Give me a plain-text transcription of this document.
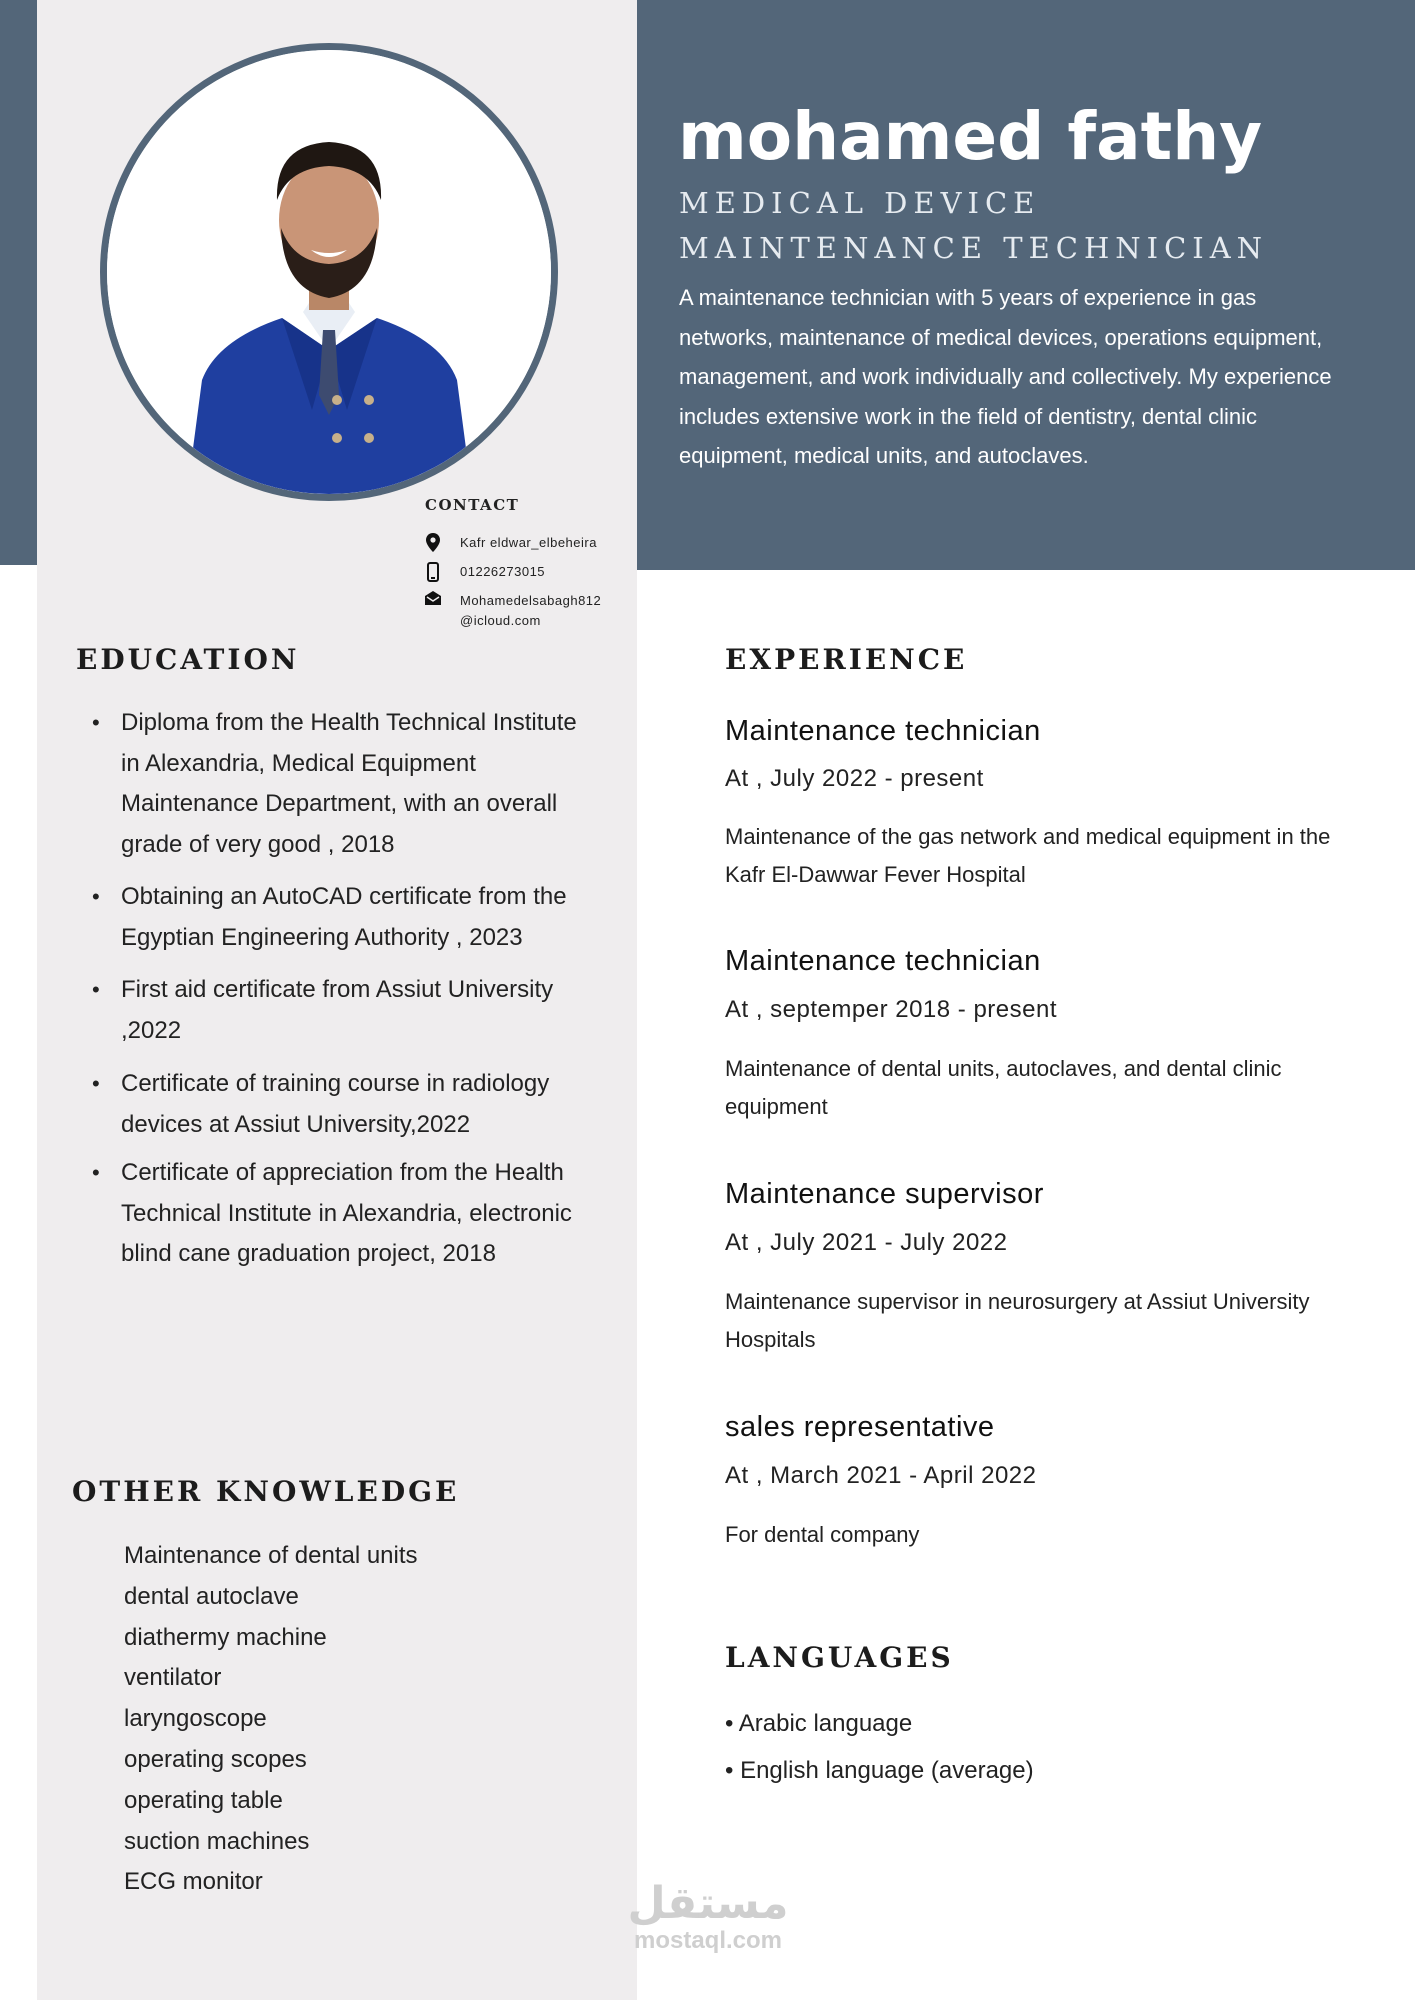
mohamed fathy
MEDICAL DEVICE
MAINTENANCE TECHNICIAN
A maintenance technician with 5 years of experience in gas networks, maintenance of medical devices, operations equipment, management, and work individually and collectively. My experience includes extensive work in the field of dentistry, dental clinic equipment, medical units, and autoclaves.
CONTACT
Kafr eldwar_elbeheira
01226273015
Mohamedelsabagh812
@icloud.com
EDUCATION
• Diploma from the Health Technical Institute in Alexandria, Medical Equipment Maintenance Department, with an overall grade of very good , 2018
• Obtaining an AutoCAD certificate from the Egyptian Engineering Authority , 2023
• First aid certificate from Assiut University ,2022
• Certificate of training course in radiology devices at Assiut University,2022
• Certificate of appreciation from the Health Technical Institute in Alexandria, electronic blind cane graduation project, 2018
OTHER KNOWLEDGE
Maintenance of dental units
dental autoclave
diathermy machine
ventilator
laryngoscope
operating scopes
operating table
suction machines
ECG monitor
EXPERIENCE
Maintenance technician
At , July 2022 - present
Maintenance of the gas network and medical equipment in the Kafr El-Dawwar Fever Hospital
Maintenance technician
At , septemper 2018 - present
Maintenance of dental units, autoclaves, and dental clinic equipment
Maintenance supervisor
At , July 2021 - July 2022
Maintenance supervisor in neurosurgery at Assiut University Hospitals
sales representative
At , March 2021 - April 2022
For dental company
LANGUAGES
• Arabic language
• English language (average)
مستقل
mostaql.com
